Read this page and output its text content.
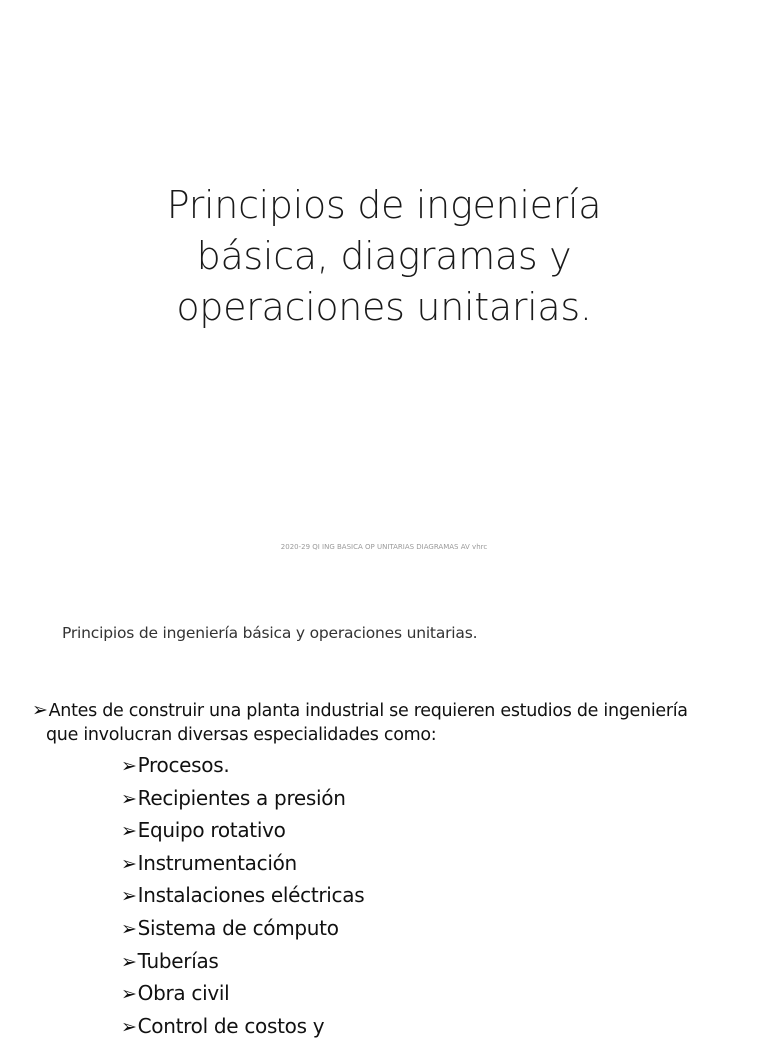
Principios de ingeniería
básica, diagramas y
operaciones unitarias.
2020-29 QI ING BASICA OP UNITARIAS DIAGRAMAS AV vhrc
Principios de ingeniería básica y operaciones unitarias.
➢Antes de construir una planta industrial se requieren estudios de ingeniería
que involucran diversas especialidades como:
➢Procesos.
➢Recipientes a presión
➢Equipo rotativo
➢Instrumentación
➢Instalaciones eléctricas
➢Sistema de cómputo
➢Tuberías
➢Obra civil
➢Control de costos y
